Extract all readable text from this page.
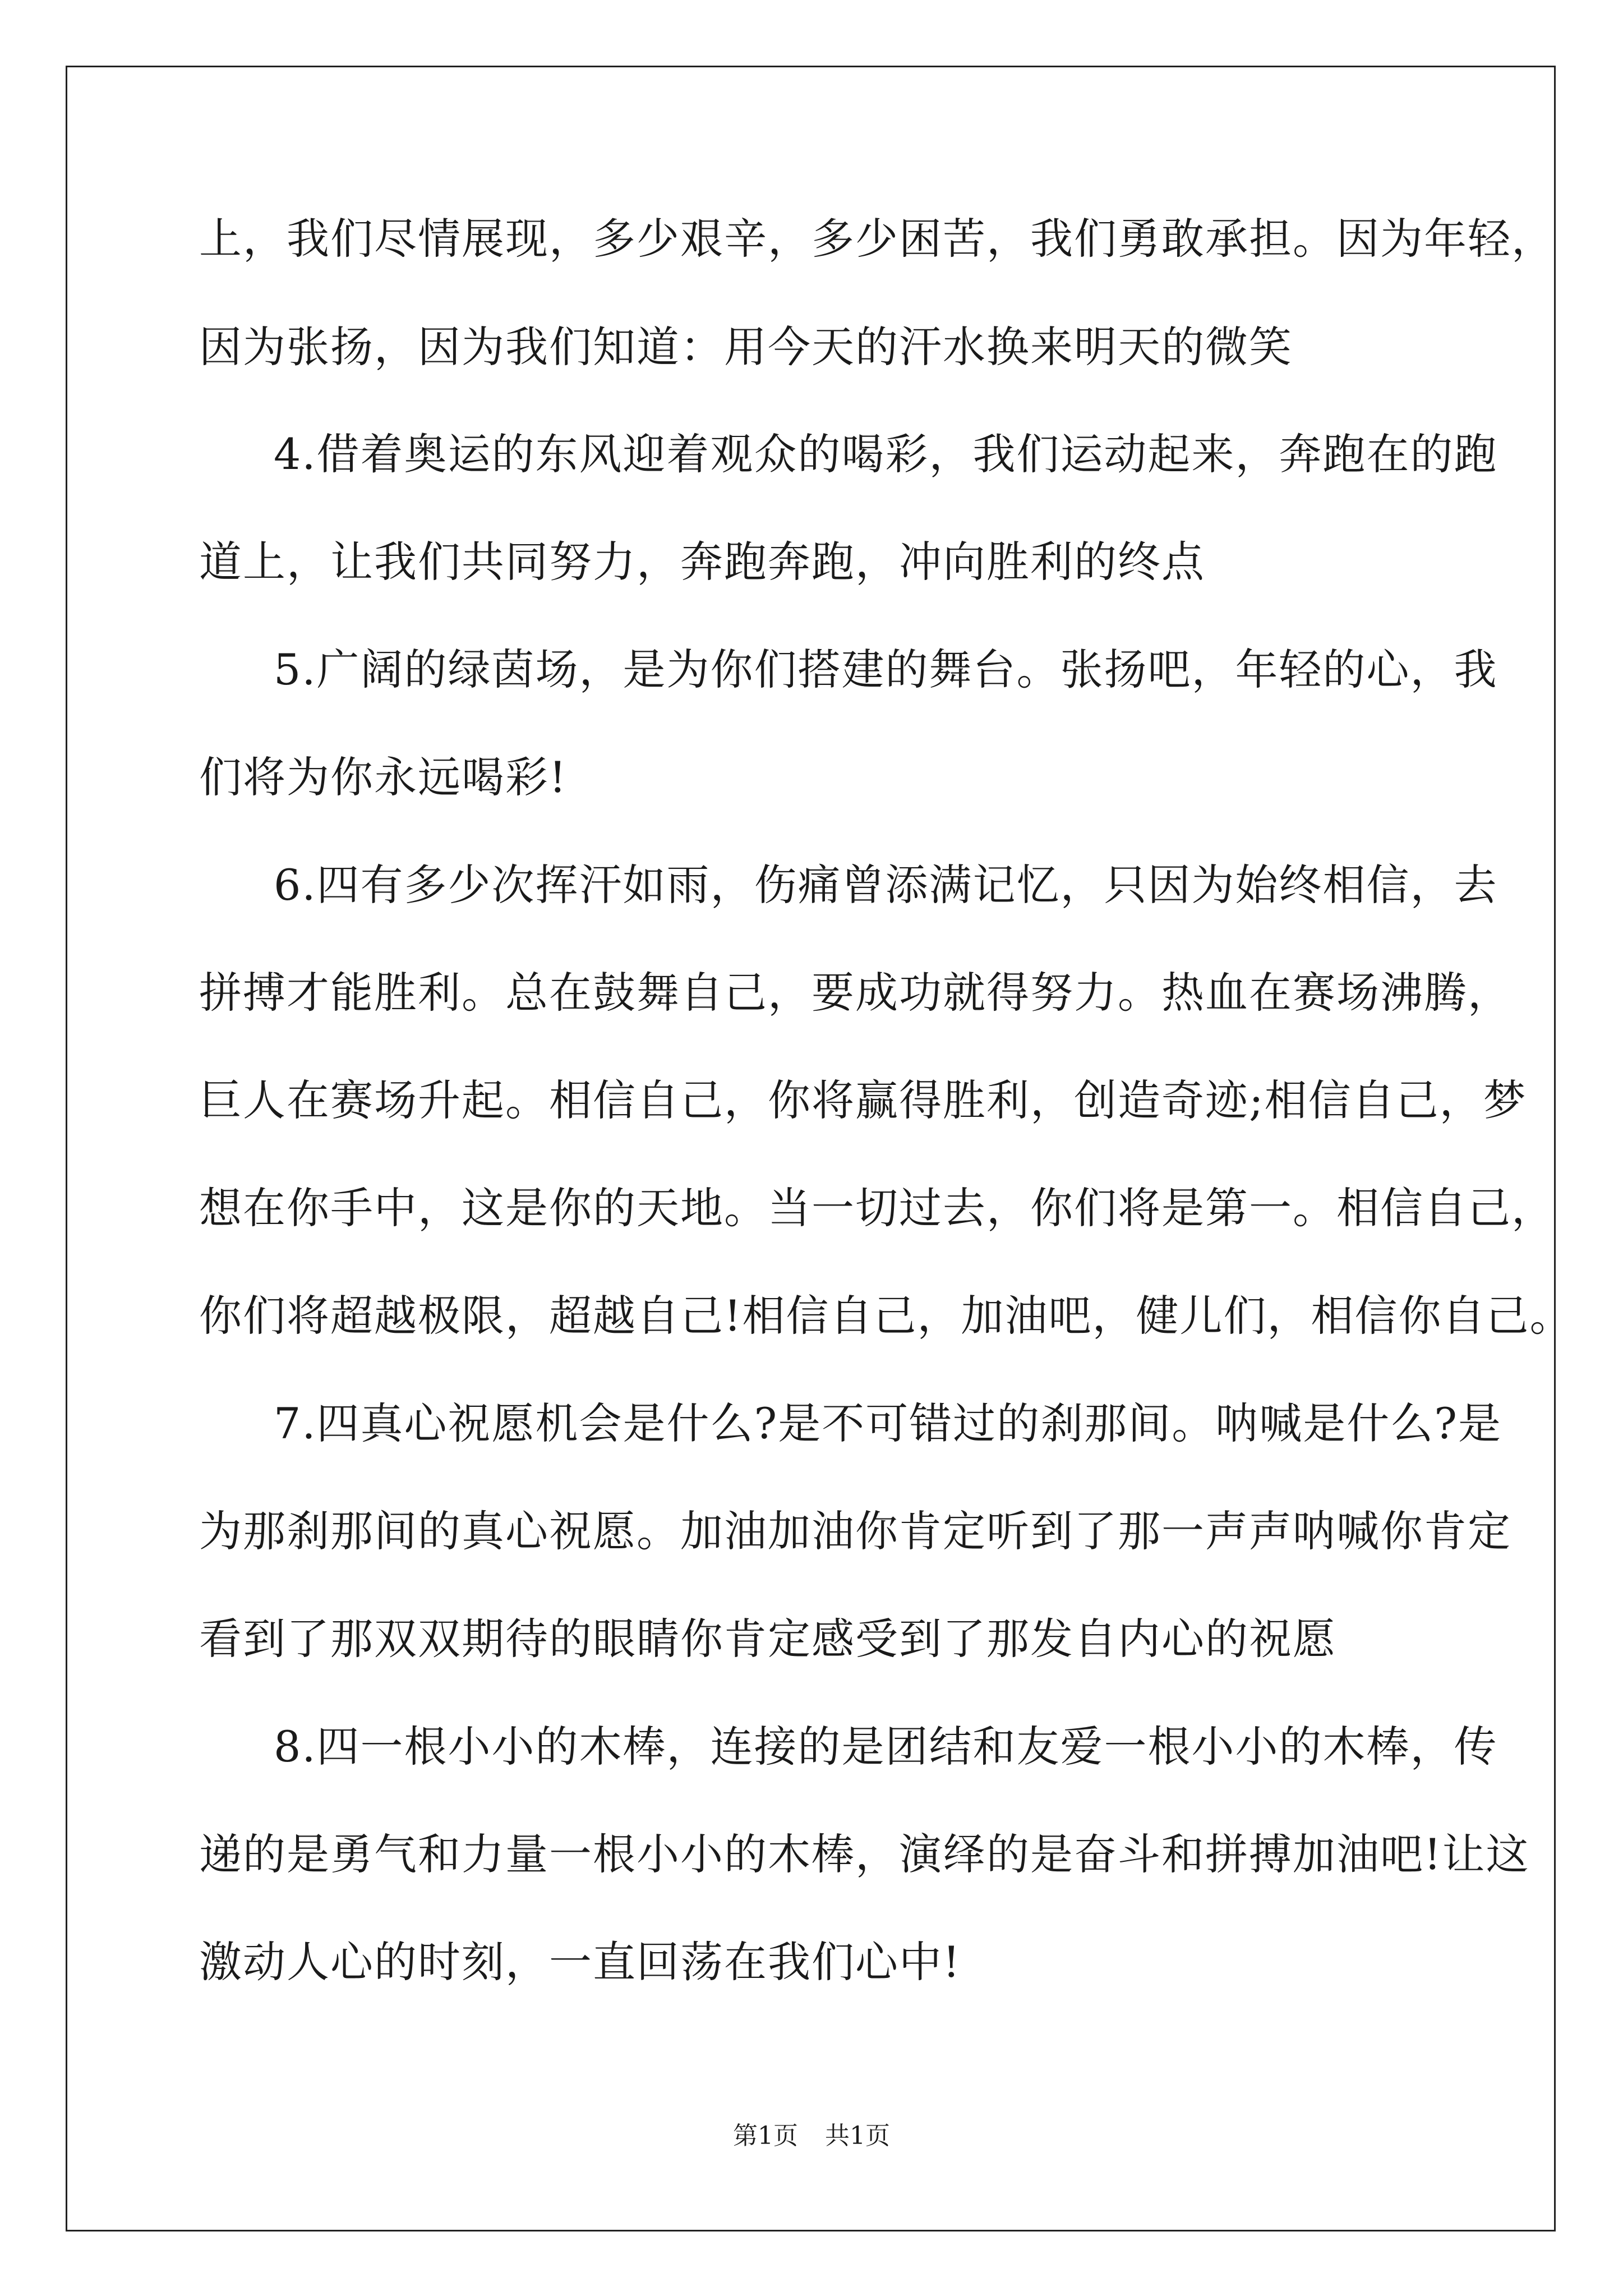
上，我们尽情展现，多少艰辛，多少困苦，我们勇敢承担。因为年轻，
因为张扬，因为我们知道：用今天的汗水换来明天的微笑
4.借着奥运的东风迎着观众的喝彩，我们运动起来，奔跑在的跑
道上，让我们共同努力，奔跑奔跑，冲向胜利的终点
5.广阔的绿茵场，是为你们搭建的舞台。张扬吧，年轻的心，我
们将为你永远喝彩!
6.四有多少次挥汗如雨，伤痛曾添满记忆，只因为始终相信，去
拼搏才能胜利。总在鼓舞自己，要成功就得努力。热血在赛场沸腾，
巨人在赛场升起。相信自己，你将赢得胜利，创造奇迹;相信自己，梦
想在你手中，这是你的天地。当一切过去，你们将是第一。相信自己，
你们将超越极限，超越自己!相信自己，加油吧，健儿们，相信你自己。
7.四真心祝愿机会是什么?是不可错过的刹那间。呐喊是什么?是
为那刹那间的真心祝愿。加油加油你肯定听到了那一声声呐喊你肯定
看到了那双双期待的眼睛你肯定感受到了那发自内心的祝愿
8.四一根小小的木棒，连接的是团结和友爱一根小小的木棒，传
递的是勇气和力量一根小小的木棒，演绎的是奋斗和拼搏加油吧!让这
激动人心的时刻，一直回荡在我们心中!
第1页 共1页
